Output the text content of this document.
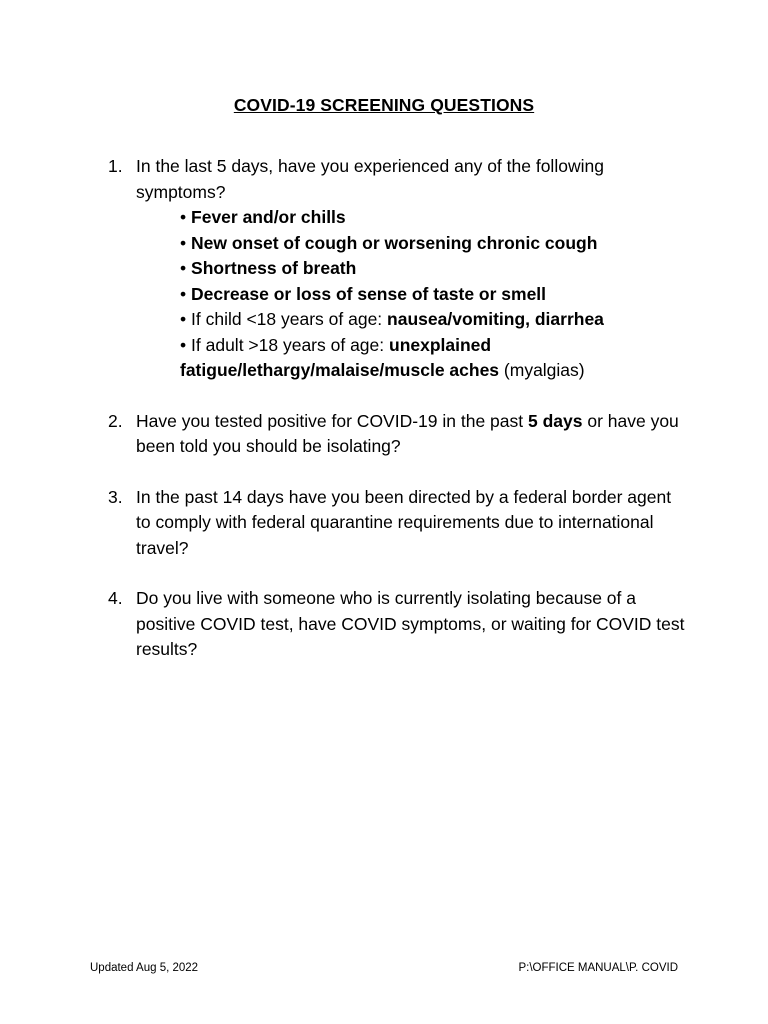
COVID-19 SCREENING QUESTIONS
1. In the last 5 days, have you experienced any of the following symptoms?
• Fever and/or chills
• New onset of cough or worsening chronic cough
• Shortness of breath
• Decrease or loss of sense of taste or smell
• If child <18 years of age: nausea/vomiting, diarrhea
• If adult >18 years of age: unexplained fatigue/lethargy/malaise/muscle aches (myalgias)
2. Have you tested positive for COVID-19 in the past 5 days or have you been told you should be isolating?
3. In the past 14 days have you been directed by a federal border agent to comply with federal quarantine requirements due to international travel?
4. Do you live with someone who is currently isolating because of a positive COVID test, have COVID symptoms, or waiting for COVID test results?
Updated Aug 5, 2022	P:\OFFICE MANUAL\P. COVID
